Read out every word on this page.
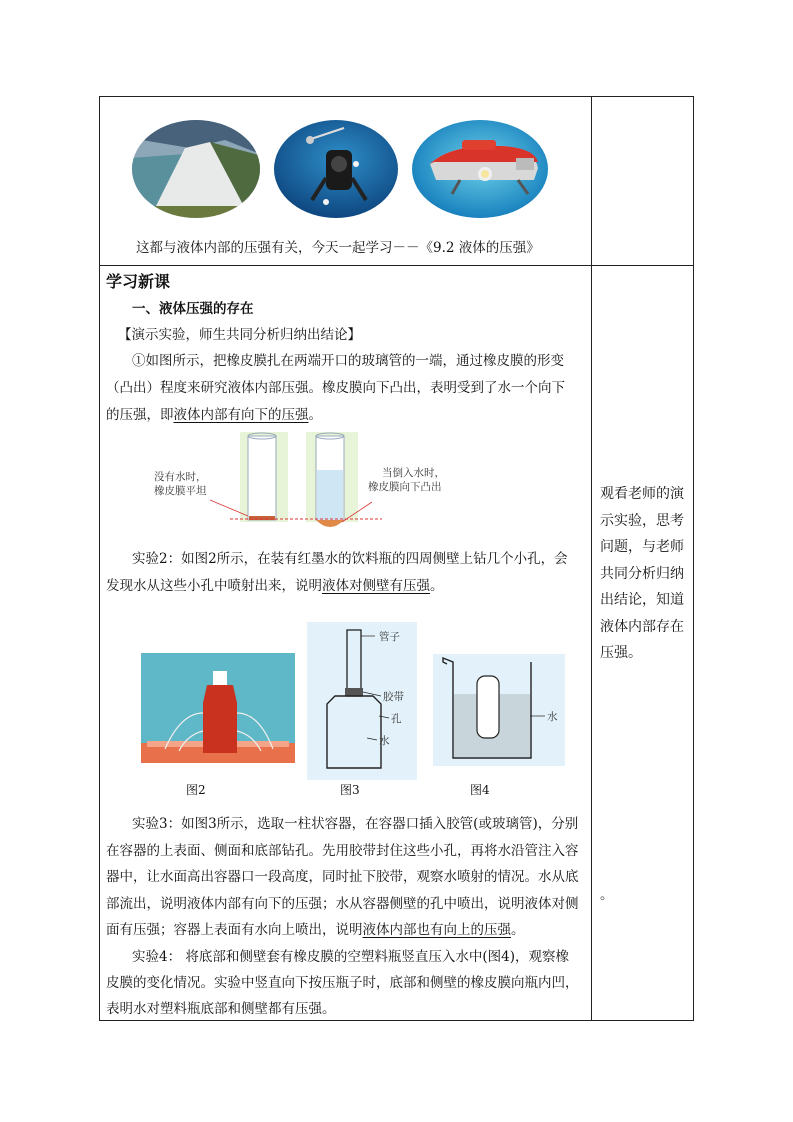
这都与液体内部的压强有关，今天一起学习－－《9.2 液体的压强》
学习新课
一、液体压强的存在
【演示实验，师生共同分析归纳出结论】
①如图所示，把橡皮膜扎在两端开口的玻璃管的一端，通过橡皮膜的形变
（凸出）程度来研究液体内部压强。橡皮膜向下凸出，表明受到了水一个向下
的压强，即液体内部有向下的压强。
没有水时，
橡皮膜平坦
当倒入水时，
橡皮膜向下凸出
实验2：如图2所示，在装有红墨水的饮料瓶的四周侧壁上钻几个小孔，会
发现水从这些小孔中喷射出来，说明液体对侧壁有压强。
图2
管子
胶带
孔
水
图3
水
图4
实验3：如图3所示，选取一柱状容器，在容器口插入胶管(或玻璃管)，分别
在容器的上表面、侧面和底部钻孔。先用胶带封住这些小孔，再将水沿管注入容
器中，让水面高出容器口一段高度，同时扯下胶带，观察水喷射的情况。水从底
部流出，说明液体内部有向下的压强；水从容器侧壁的孔中喷出，说明液体对侧
面有压强；容器上表面有水向上喷出，说明液体内部也有向上的压强。
实验4： 将底部和侧壁套有橡皮膜的空塑料瓶竖直压入水中(图4)，观察橡
皮膜的变化情况。实验中竖直向下按压瓶子时，底部和侧壁的橡皮膜向瓶内凹，
表明水对塑料瓶底部和侧壁都有压强。
观看老师的演示实验，思考问题，与老师共同分析归纳出结论，知道液体内部存在压强。
。
